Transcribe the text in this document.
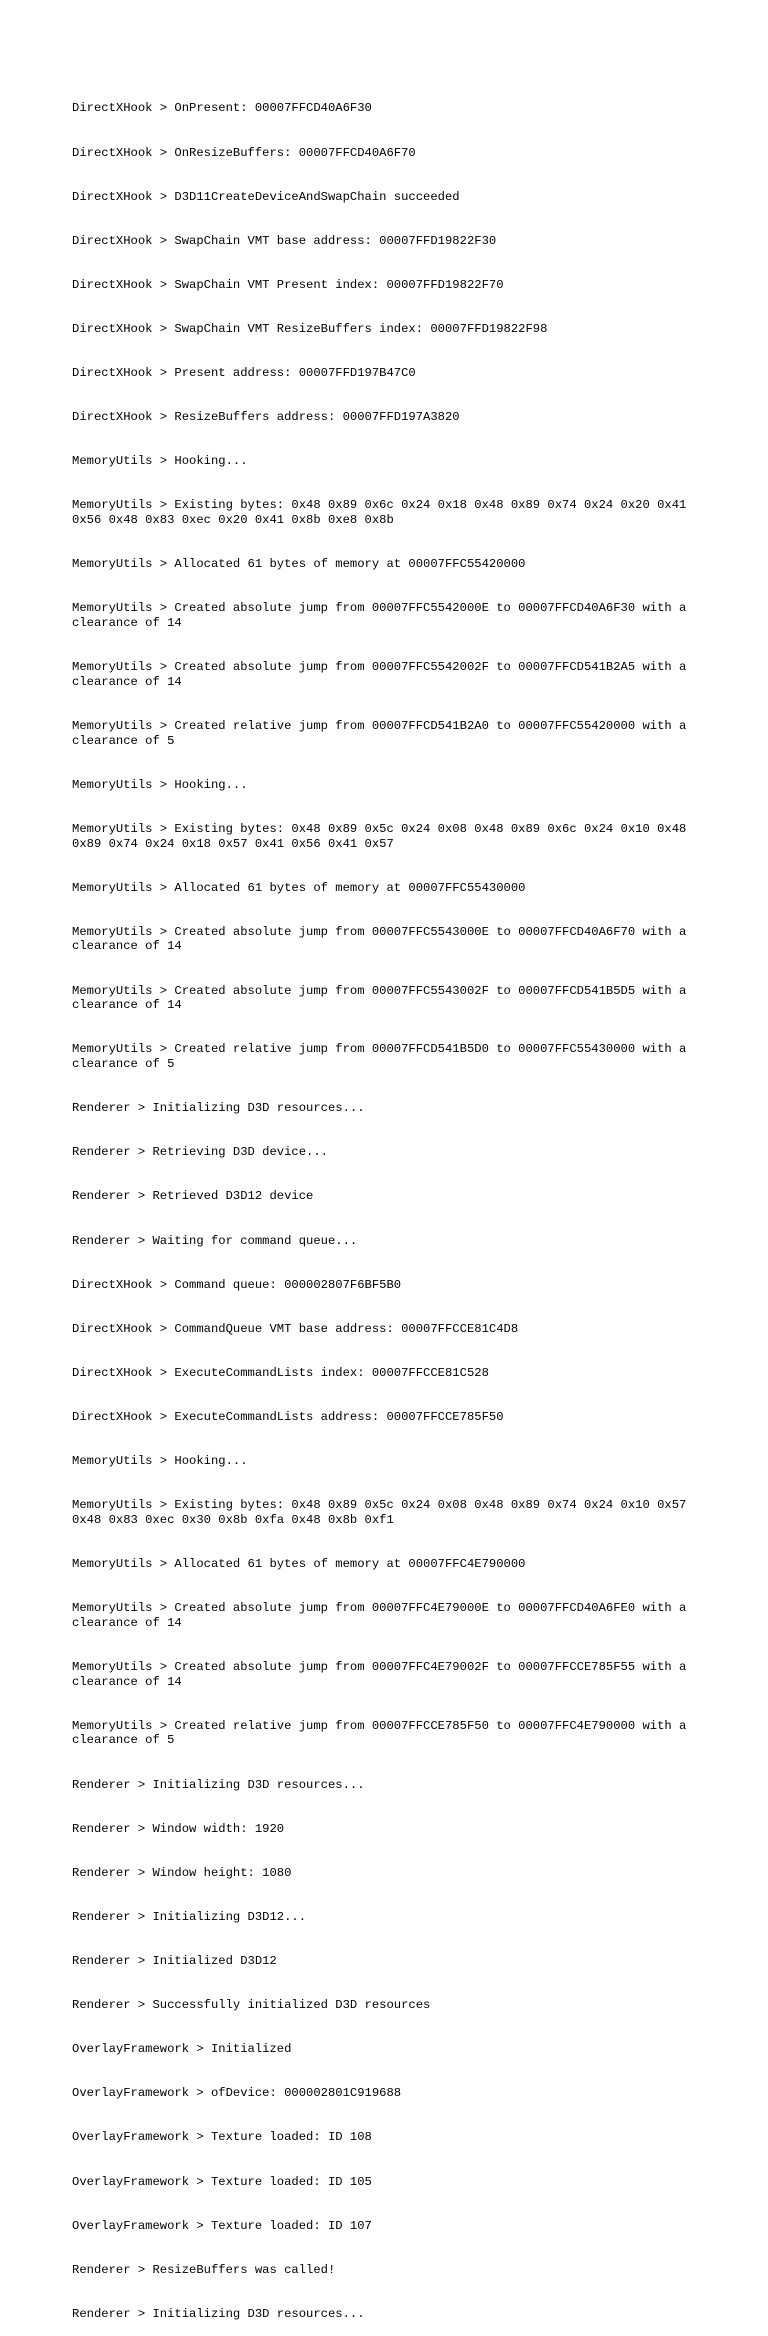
DirectXHook > OnPresent: 00007FFCD40A6F30

DirectXHook > OnResizeBuffers: 00007FFCD40A6F70

DirectXHook > D3D11CreateDeviceAndSwapChain succeeded

DirectXHook > SwapChain VMT base address: 00007FFD19822F30

DirectXHook > SwapChain VMT Present index: 00007FFD19822F70

DirectXHook > SwapChain VMT ResizeBuffers index: 00007FFD19822F98

DirectXHook > Present address: 00007FFD197B47C0

DirectXHook > ResizeBuffers address: 00007FFD197A3820

MemoryUtils > Hooking...

MemoryUtils > Existing bytes: 0x48 0x89 0x6c 0x24 0x18 0x48 0x89 0x74 0x24 0x20 0x41 0x56 0x48 0x83 0xec 0x20 0x41 0x8b 0xe8 0x8b

MemoryUtils > Allocated 61 bytes of memory at 00007FFC55420000

MemoryUtils > Created absolute jump from 00007FFC5542000E to 00007FFCD40A6F30 with a clearance of 14

MemoryUtils > Created absolute jump from 00007FFC5542002F to 00007FFCD541B2A5 with a clearance of 14

MemoryUtils > Created relative jump from 00007FFCD541B2A0 to 00007FFC55420000 with a clearance of 5

MemoryUtils > Hooking...

MemoryUtils > Existing bytes: 0x48 0x89 0x5c 0x24 0x08 0x48 0x89 0x6c 0x24 0x10 0x48 0x89 0x74 0x24 0x18 0x57 0x41 0x56 0x41 0x57

MemoryUtils > Allocated 61 bytes of memory at 00007FFC55430000

MemoryUtils > Created absolute jump from 00007FFC5543000E to 00007FFCD40A6F70 with a clearance of 14

MemoryUtils > Created absolute jump from 00007FFC5543002F to 00007FFCD541B5D5 with a clearance of 14

MemoryUtils > Created relative jump from 00007FFCD541B5D0 to 00007FFC55430000 with a clearance of 5

Renderer > Initializing D3D resources...

Renderer > Retrieving D3D device...

Renderer > Retrieved D3D12 device

Renderer > Waiting for command queue...

DirectXHook > Command queue: 000002807F6BF5B0

DirectXHook > CommandQueue VMT base address: 00007FFCCE81C4D8

DirectXHook > ExecuteCommandLists index: 00007FFCCE81C528

DirectXHook > ExecuteCommandLists address: 00007FFCCE785F50

MemoryUtils > Hooking...

MemoryUtils > Existing bytes: 0x48 0x89 0x5c 0x24 0x08 0x48 0x89 0x74 0x24 0x10 0x57 0x48 0x83 0xec 0x30 0x8b 0xfa 0x48 0x8b 0xf1

MemoryUtils > Allocated 61 bytes of memory at 00007FFC4E790000

MemoryUtils > Created absolute jump from 00007FFC4E79000E to 00007FFCD40A6FE0 with a clearance of 14

MemoryUtils > Created absolute jump from 00007FFC4E79002F to 00007FFCCE785F55 with a clearance of 14

MemoryUtils > Created relative jump from 00007FFCCE785F50 to 00007FFC4E790000 with a clearance of 5

Renderer > Initializing D3D resources...

Renderer > Window width: 1920

Renderer > Window height: 1080

Renderer > Initializing D3D12...

Renderer > Initialized D3D12

Renderer > Successfully initialized D3D resources

OverlayFramework > Initialized

OverlayFramework > ofDevice: 000002801C919688

OverlayFramework > Texture loaded: ID 108

OverlayFramework > Texture loaded: ID 105

OverlayFramework > Texture loaded: ID 107

Renderer > ResizeBuffers was called!

Renderer > Initializing D3D resources...
